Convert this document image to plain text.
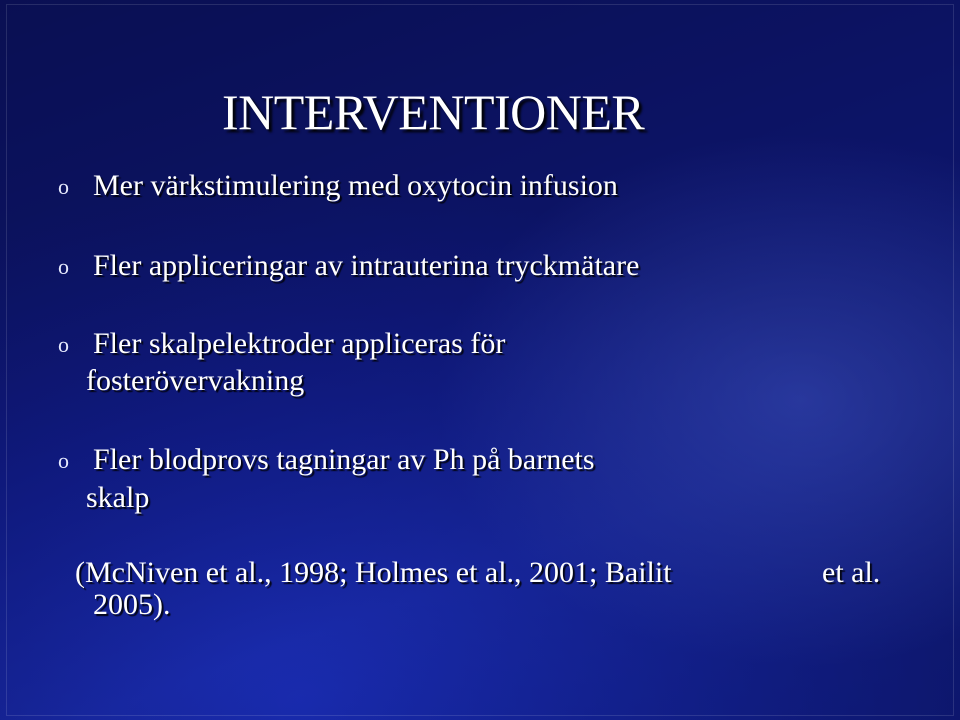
INTERVENTIONER
o Mer värkstimulering med oxytocin infusion
o Fler appliceringar av intrauterina tryckmätare
o Fler skalpelektroder appliceras för
fosterövervakning
o Fler blodprovs tagningar av Ph på barnets
skalp
(McNiven et al., 1998; Holmes et al., 2001; Bailit	et al.
2005).
